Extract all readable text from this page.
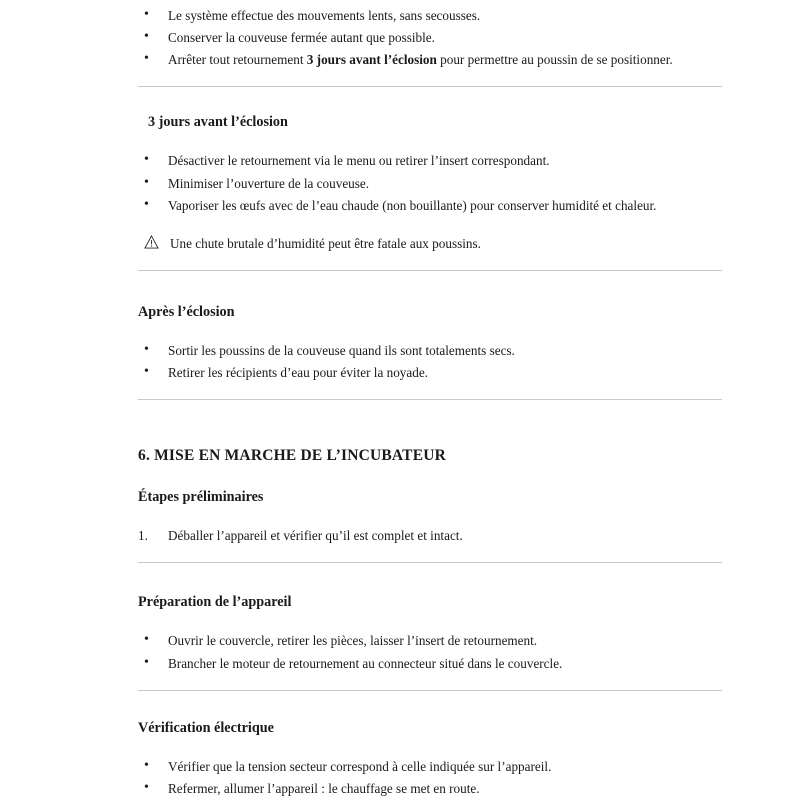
• Le système effectue des mouvements lents, sans secousses.
• Conserver la couveuse fermée autant que possible.
• Arrêter tout retournement 3 jours avant l’éclosion pour permettre au poussin de se positionner.
3 jours avant l’éclosion
• Désactiver le retournement via le menu ou retirer l’insert correspondant.
• Minimiser l’ouverture de la couveuse.
• Vaporiser les œufs avec de l’eau chaude (non bouillante) pour conserver humidité et chaleur.
Une chute brutale d’humidité peut être fatale aux poussins.
Après l’éclosion
• Sortir les poussins de la couveuse quand ils sont totalements secs.
• Retirer les récipients d’eau pour éviter la noyade.
6. MISE EN MARCHE DE L’INCUBATEUR
Étapes préliminaires
Déballer l’appareil et vérifier qu’il est complet et intact.
Préparation de l’appareil
• Ouvrir le couvercle, retirer les pièces, laisser l’insert de retournement.
• Brancher le moteur de retournement au connecteur situé dans le couvercle.
Vérification électrique
• Vérifier que la tension secteur correspond à celle indiquée sur l’appareil.
• Refermer, allumer l’appareil : le chauffage se met en route.
